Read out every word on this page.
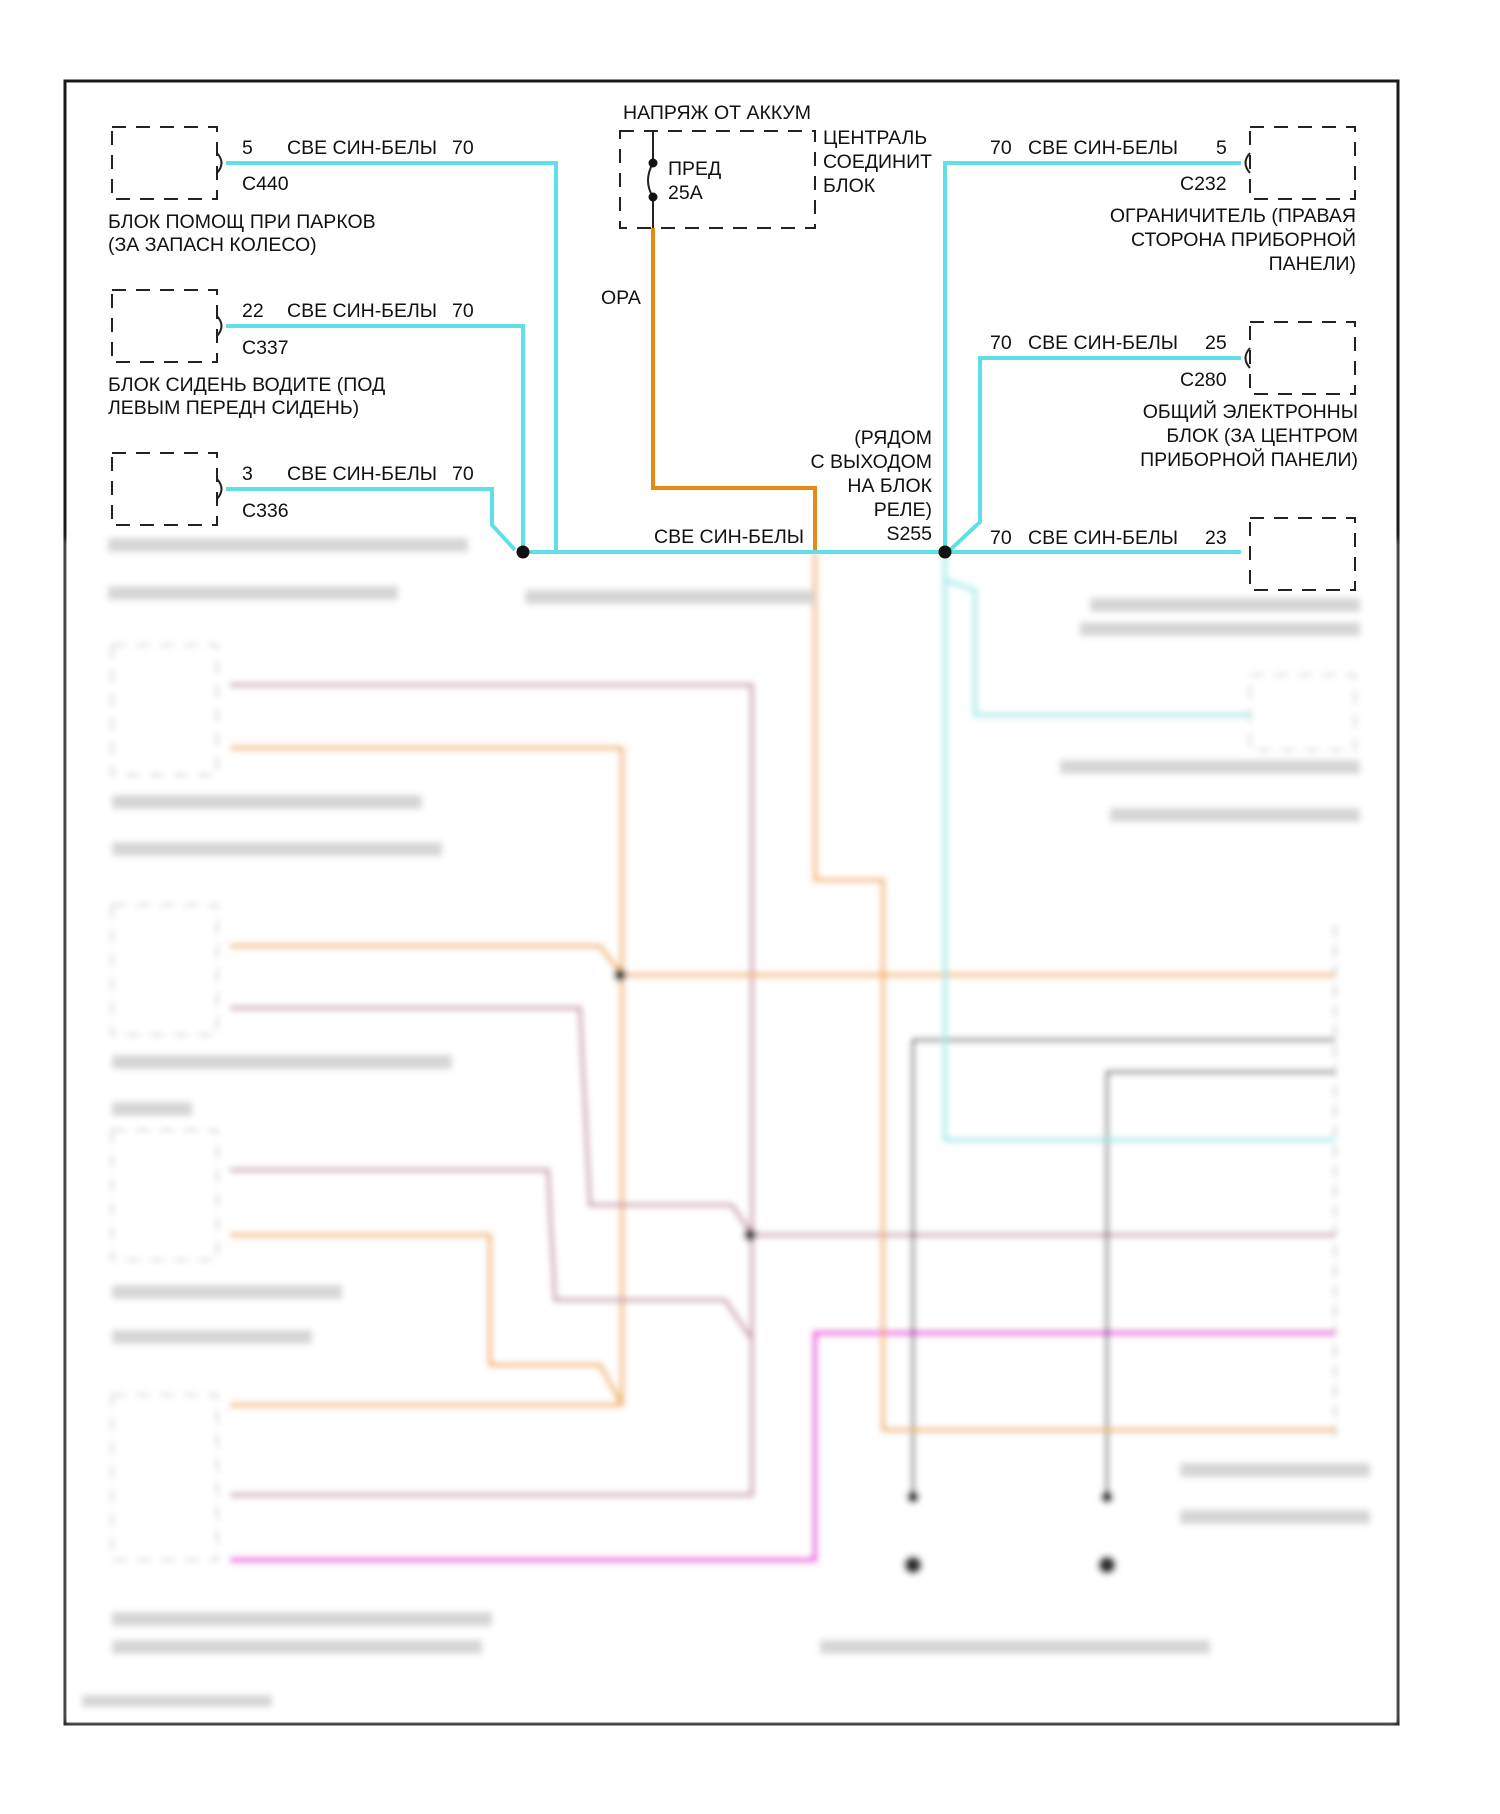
5 СВЕ СИН-БЕЛЫ 70
C440
БЛОК ПОМОЩ ПРИ ПАРКОВ
(ЗА ЗАПАСН КОЛЕСО)
22 СВЕ СИН-БЕЛЫ 70
C337
БЛОК СИДЕНЬ ВОДИТЕ (ПОД
ЛЕВЫМ ПЕРЕДН СИДЕНЬ)
3 СВЕ СИН-БЕЛЫ 70
C336
НАПРЯЖ ОТ АККУМ
ПРЕД
25A
ЦЕНТРАЛЬ
СОЕДИНИТ
БЛОК
ОРА
70 СВЕ СИН-БЕЛЫ 5
C232
ОГРАНИЧИТЕЛЬ (ПРАВАЯ
СТОРОНА ПРИБОРНОЙ
ПАНЕЛИ)
70 СВЕ СИН-БЕЛЫ 25
C280
ОБЩИЙ ЭЛЕКТРОННЫ
БЛОК (ЗА ЦЕНТРОМ
ПРИБОРНОЙ ПАНЕЛИ)
70 СВЕ СИН-БЕЛЫ 23
СВЕ СИН-БЕЛЫ
(РЯДОМ
С ВЫХОДОМ
НА БЛОК
РЕЛЕ)
S255
